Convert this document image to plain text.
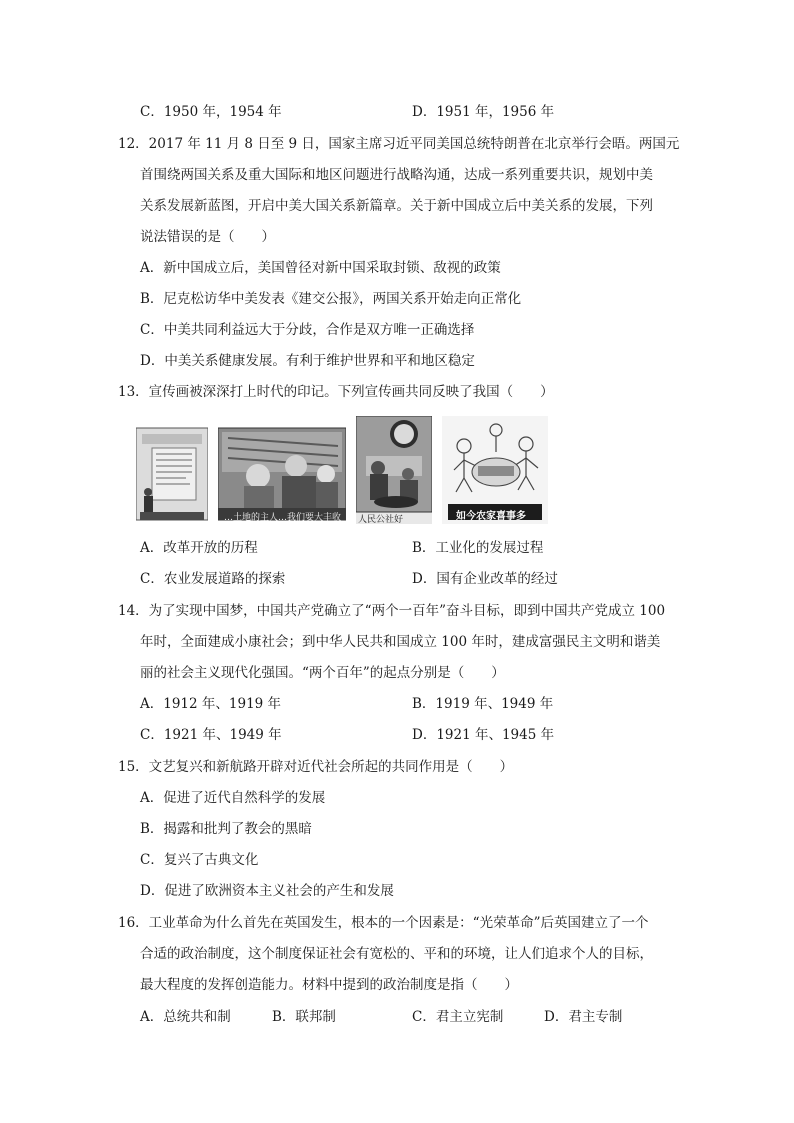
C．1950 年，1954 年	D．1951 年，1956 年
12．2017 年 11 月 8 日至 9 日，国家主席习近平同美国总统特朗普在北京举行会晤。两国元
首围绕两国关系及重大国际和地区问题进行战略沟通，达成一系列重要共识，规划中美
关系发展新蓝图，开启中美大国关系新篇章。关于新中国成立后中美关系的发展，下列
说法错误的是（　　）
A．新中国成立后，美国曾径对新中国采取封锁、敌视的政策
B．尼克松访华中美发表《建交公报》，两国关系开始走向正常化
C．中美共同利益远大于分歧，合作是双方唯一正确选择
D．中美关系健康发展。有利于维护世界和平和地区稳定
13．宣传画被深深打上时代的印记。下列宣传画共同反映了我国（　　）
…土地的主人…我们要大丰收 人民公社好	如今农家喜事多
A．改革开放的历程	B．工业化的发展过程
C．农业发展道路的探索	D．国有企业改革的经过
14．为了实现中国梦，中国共产党确立了“两个一百年”奋斗目标，即到中国共产党成立 100
年时，全面建成小康社会；到中华人民共和国成立 100 年时，建成富强民主文明和谐美
丽的社会主义现代化强国。“两个百年”的起点分别是（　　）
A．1912 年、1919 年	B．1919 年、1949 年
C．1921 年、1949 年	D．1921 年、1945 年
15．文艺复兴和新航路开辟对近代社会所起的共同作用是（　　）
A．促进了近代自然科学的发展
B．揭露和批判了教会的黑暗
C．复兴了古典文化
D．促进了欧洲资本主义社会的产生和发展
16．工业革命为什么首先在英国发生，根本的一个因素是：“光荣革命”后英国建立了一个
合适的政治制度，这个制度保证社会有宽松的、平和的环境，让人们追求个人的目标，
最大程度的发挥创造能力。材料中提到的政治制度是指（　　）
A．总统共和制	B．联邦制	C．君主立宪制	D．君主专制
